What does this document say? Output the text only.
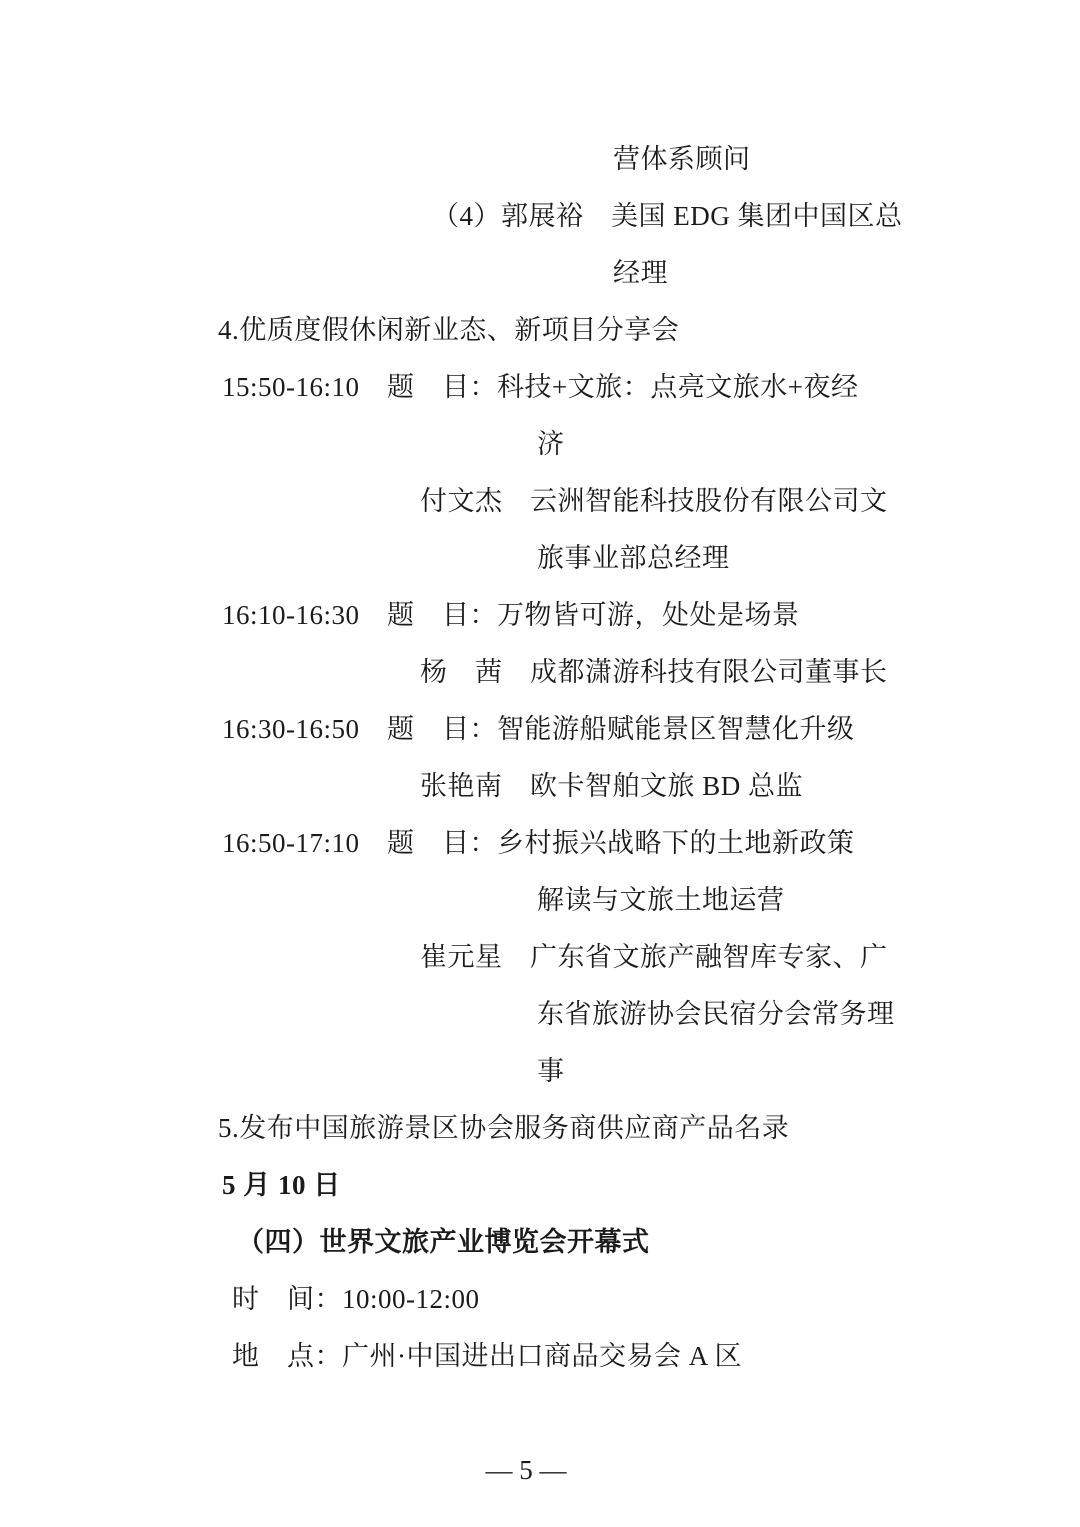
营体系顾问
（4）郭展裕　美国 EDG 集团中国区总
经理
4.优质度假休闲新业态、新项目分享会
15:50-16:10　题　目：科技+文旅：点亮文旅水+夜经
济
付文杰　云洲智能科技股份有限公司文
旅事业部总经理
16:10-16:30　题　目：万物皆可游，处处是场景
杨　茜　成都潇游科技有限公司董事长
16:30-16:50　题　目：智能游船赋能景区智慧化升级
张艳南　欧卡智舶文旅 BD 总监
16:50-17:10　题　目：乡村振兴战略下的土地新政策
解读与文旅土地运营
崔元星　广东省文旅产融智库专家、广
东省旅游协会民宿分会常务理
事
5.发布中国旅游景区协会服务商供应商产品名录
5 月 10 日
（四）世界文旅产业博览会开幕式
时　间：10:00-12:00
地　点：广州·中国进出口商品交易会 A 区

— 5 —
